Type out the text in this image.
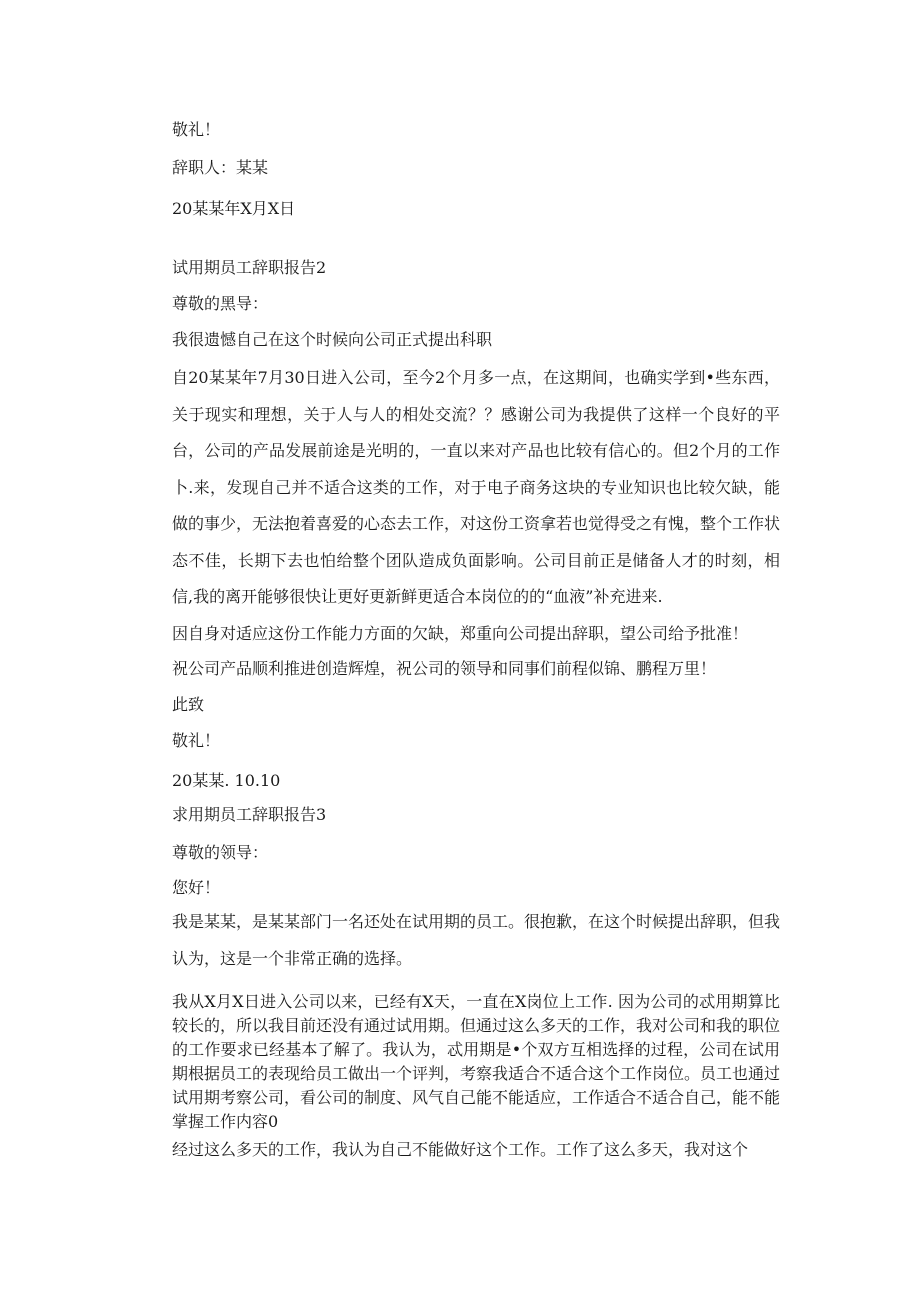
敬礼！
辞职人：某某
20某某年X月X日
试用期员工辞职报告2
尊敬的黑导：
我很遗憾自己在这个时候向公司正式提出科职
自20某某年7月30日进入公司，至今2个月多一点，在这期间，也确实学到•些东西，关于现实和理想，关于人与人的相处交流？？感谢公司为我提供了这样一个良好的平台，公司的产品发展前途是光明的，一直以来对产品也比较有信心的。但2个月的工作卜.来，发现自己并不适合这类的工作，对于电子商务这块的专业知识也比较欠缺，能做的事少，无法抱着喜爱的心态去工作，对这份工资拿若也觉得受之有愧，整个工作状态不佳，长期下去也怕给整个团队造成负面影响。公司目前正是储备人才的时刻，相信,我的离开能够很快让更好更新鲜更适合本岗位的的“血液”补充进来.
因自身对适应这份工作能力方面的欠缺，郑重向公司提出辞职，望公司给予批准！
祝公司产品顺利推进创造辉煌，祝公司的领导和同事们前程似锦、鹏程万里！
此致
敬礼！
20某某. 10.10
求用期员工辞职报告3
尊敬的领导：
您好！
我是某某，是某某部门一名还处在试用期的员工。很抱歉，在这个时候提出辞职，但我认为，这是一个非常正确的选择。
我从X月X日进入公司以来，已经有X天，一直在X岗位上工作. 因为公司的忒用期算比较长的，所以我目前还没有通过试用期。但通过这么多天的工作，我对公司和我的职位的工作要求已经基本了解了。我认为，忒用期是•个双方互相选择的过程，公司在试用期根据员工的表现给员工做出一个评判，考察我适合不适合这个工作岗位。员工也通过试用期考察公司，看公司的制度、风气自己能不能适应，工作适合不适合自己，能不能掌握工作内容0
经过这么多天的工作，我认为自己不能做好这个工作。工作了这么多天，我对这个
